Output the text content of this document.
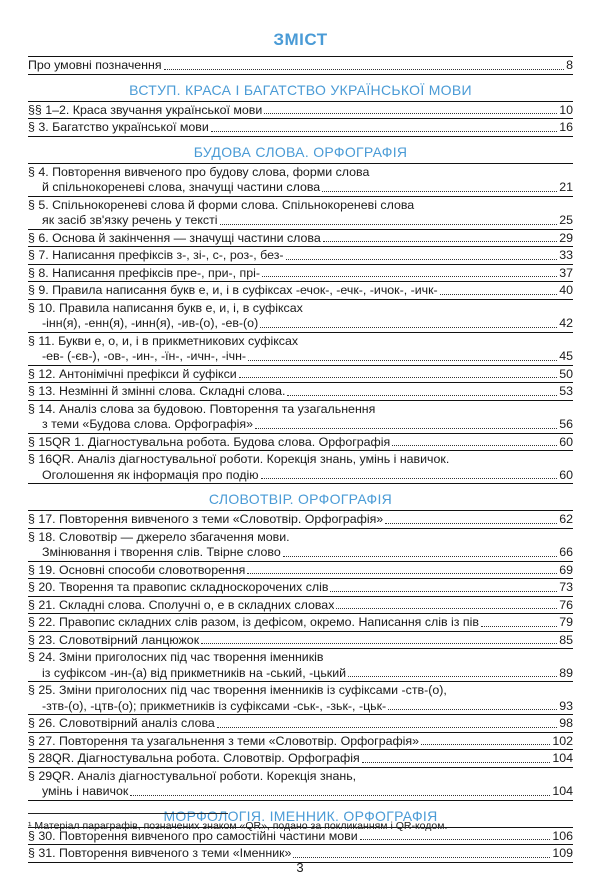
ЗМІСТ
Про умовні позначення	8
ВСТУП. КРАСА І БАГАТСТВО УКРАЇНСЬКОЇ МОВИ
§§ 1–2. Краса звучання української мови	10
§ 3. Багатство української мови	16
БУДОВА СЛОВА. ОРФОГРАФІЯ
§ 4. Повторення вивченого про будову слова, форми слова
й спільнокореневі слова, значущі частини слова	21
§ 5. Спільнокореневі слова й форми слова. Спільнокореневі слова
як засіб зв'язку речень у тексті	25
§ 6. Основа й закінчення — значущі частини слова	29
§ 7. Написання префіксів з-, зі-, с-, роз-, без-	33
§ 8. Написання префіксів пре-, при-, прі-	37
§ 9. Правила написання букв е, и, і в суфіксах -ечок-, -ечк-, -ичок-, -ичк-	40
§ 10. Правила написання букв е, и, і, в суфіксах
-інн(я), -енн(я), -инн(я), -ив-(о), -ев-(о)	42
§ 11. Букви е, о, и, і в прикметникових суфіксах
-ев- (-єв-), -ов-, -ин-, -їн-, -ичн-, -ічн-	45
§ 12. Антонімічні префікси й суфікси	50
§ 13. Незмінні й змінні слова. Складні слова.	53
§ 14. Аналіз слова за будовою. Повторення та узагальнення
з теми «Будова слова. Орфографія»	56
§ 15QR 1. Діагностувальна робота. Будова слова. Орфографія	60
§ 16QR. Аналіз діагностувальної роботи. Корекція знань, умінь і навичок.
Оголошення як інформація про подію	60
СЛОВОТВІР. ОРФОГРАФІЯ
§ 17. Повторення вивченого з теми «Словотвір. Орфографія»	62
§ 18. Словотвір — джерело збагачення мови.
Змінювання і творення слів. Твірне слово	66
§ 19. Основні способи словотворення	69
§ 20. Творення та правопис складноскорочених слів	73
§ 21. Складні слова. Сполучні о, е в складних словах	76
§ 22. Правопис складних слів разом, із дефісом, окремо. Написання слів із пів	79
§ 23. Словотвірний ланцюжок	85
§ 24. Зміни приголосних під час творення іменників
із суфіксом -ин-(а) від прикметників на -ський, -цький	89
§ 25. Зміни приголосних під час творення іменників із суфіксами -ств-(о),
-зтв-(о), -цтв-(о); прикметників із суфіксами -ськ-, -зьк-, -цьк-	93
§ 26. Словотвірний аналіз слова	98
§ 27. Повторення та узагальнення з теми «Словотвір. Орфографія»	102
§ 28QR. Діагностувальна робота. Словотвір. Орфографія	104
§ 29QR. Аналіз діагностувальної роботи. Корекція знань,
умінь і навичок	104
МОРФОЛОГІЯ. ІМЕННИК. ОРФОГРАФІЯ
§ 30. Повторення вивченого про самостійні частини мови	106
§ 31. Повторення вивченого з теми «Іменник»	109
¹ Матеріал параграфів, позначених знаком «QR», подано за покликанням і QR-кодом.
3
